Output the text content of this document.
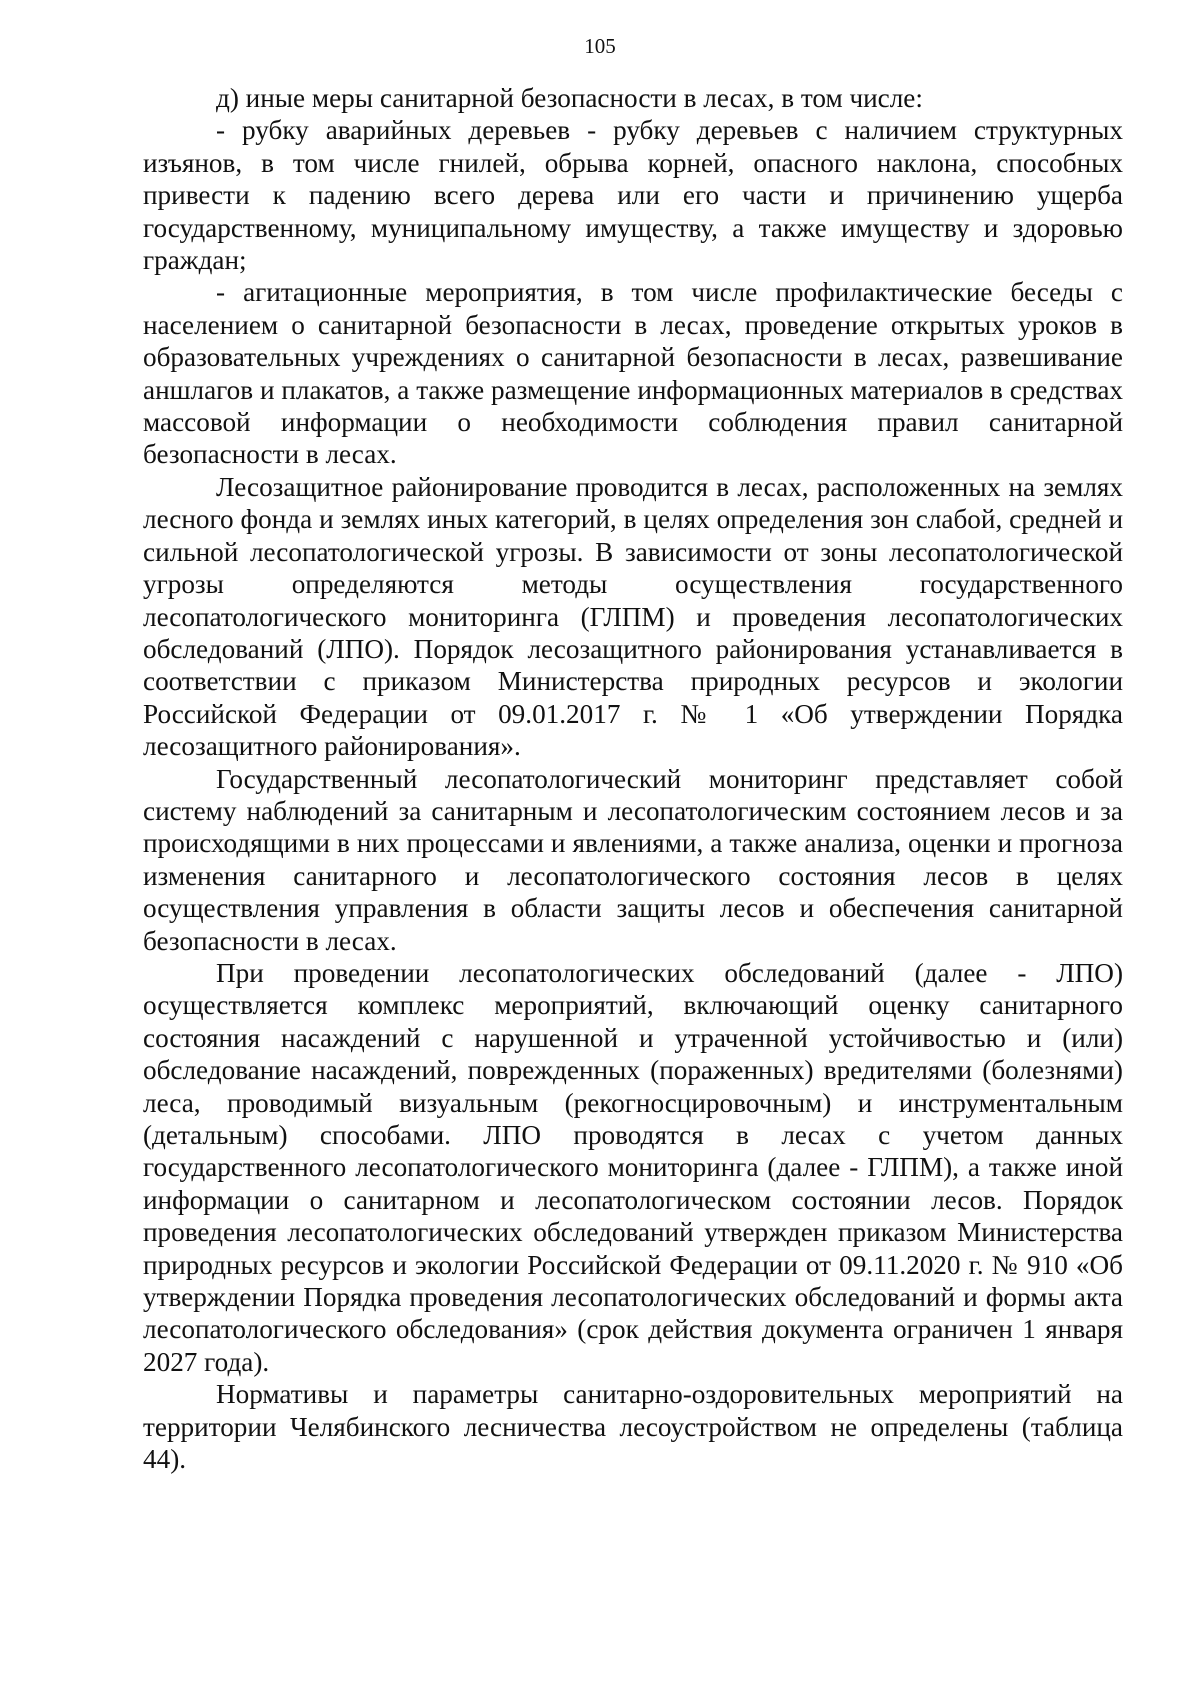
105

д) иные меры санитарной безопасности в лесах, в том числе:

- рубку аварийных деревьев - рубку деревьев с наличием структурных изъянов, в том числе гнилей, обрыва корней, опасного наклона, способных привести к падению всего дерева или его части и причинению ущерба государственному, муниципальному имуществу, а также имуществу и здоровью граждан;

- агитационные мероприятия, в том числе профилактические беседы с населением о санитарной безопасности в лесах, проведение открытых уроков в образовательных учреждениях о санитарной безопасности в лесах, развешивание аншлагов и плакатов, а также размещение информационных материалов в средствах массовой информации о необходимости соблюдения правил санитарной безопасности в лесах.

Лесозащитное районирование проводится в лесах, расположенных на землях лесного фонда и землях иных категорий, в целях определения зон слабой, средней и сильной лесопатологической угрозы. В зависимости от зоны лесопатологической угрозы определяются методы осуществления государственного лесопатологического мониторинга (ГЛПМ) и проведения лесопатологических обследований (ЛПО). Порядок лесозащитного районирования устанавливается в соответствии с приказом Министерства природных ресурсов и экологии Российской Федерации от 09.01.2017 г. № 1 «Об утверждении Порядка лесозащитного районирования».

Государственный лесопатологический мониторинг представляет собой систему наблюдений за санитарным и лесопатологическим состоянием лесов и за происходящими в них процессами и явлениями, а также анализа, оценки и прогноза изменения санитарного и лесопатологического состояния лесов в целях осуществления управления в области защиты лесов и обеспечения санитарной безопасности в лесах.

При проведении лесопатологических обследований (далее - ЛПО) осуществляется комплекс мероприятий, включающий оценку санитарного состояния насаждений с нарушенной и утраченной устойчивостью и (или) обследование насаждений, поврежденных (пораженных) вредителями (болезнями) леса, проводимый визуальным (рекогносцировочным) и инструментальным (детальным) способами. ЛПО проводятся в лесах с учетом данных государственного лесопатологического мониторинга (далее - ГЛПМ), а также иной информации о санитарном и лесопатологическом состоянии лесов. Порядок проведения лесопатологических обследований утвержден приказом Министерства природных ресурсов и экологии Российской Федерации от 09.11.2020 г. № 910 «Об утверждении Порядка проведения лесопатологических обследований и формы акта лесопатологического обследования» (срок действия документа ограничен 1 января 2027 года).

Нормативы и параметры санитарно-оздоровительных мероприятий на территории Челябинского лесничества лесоустройством не определены (таблица 44).
